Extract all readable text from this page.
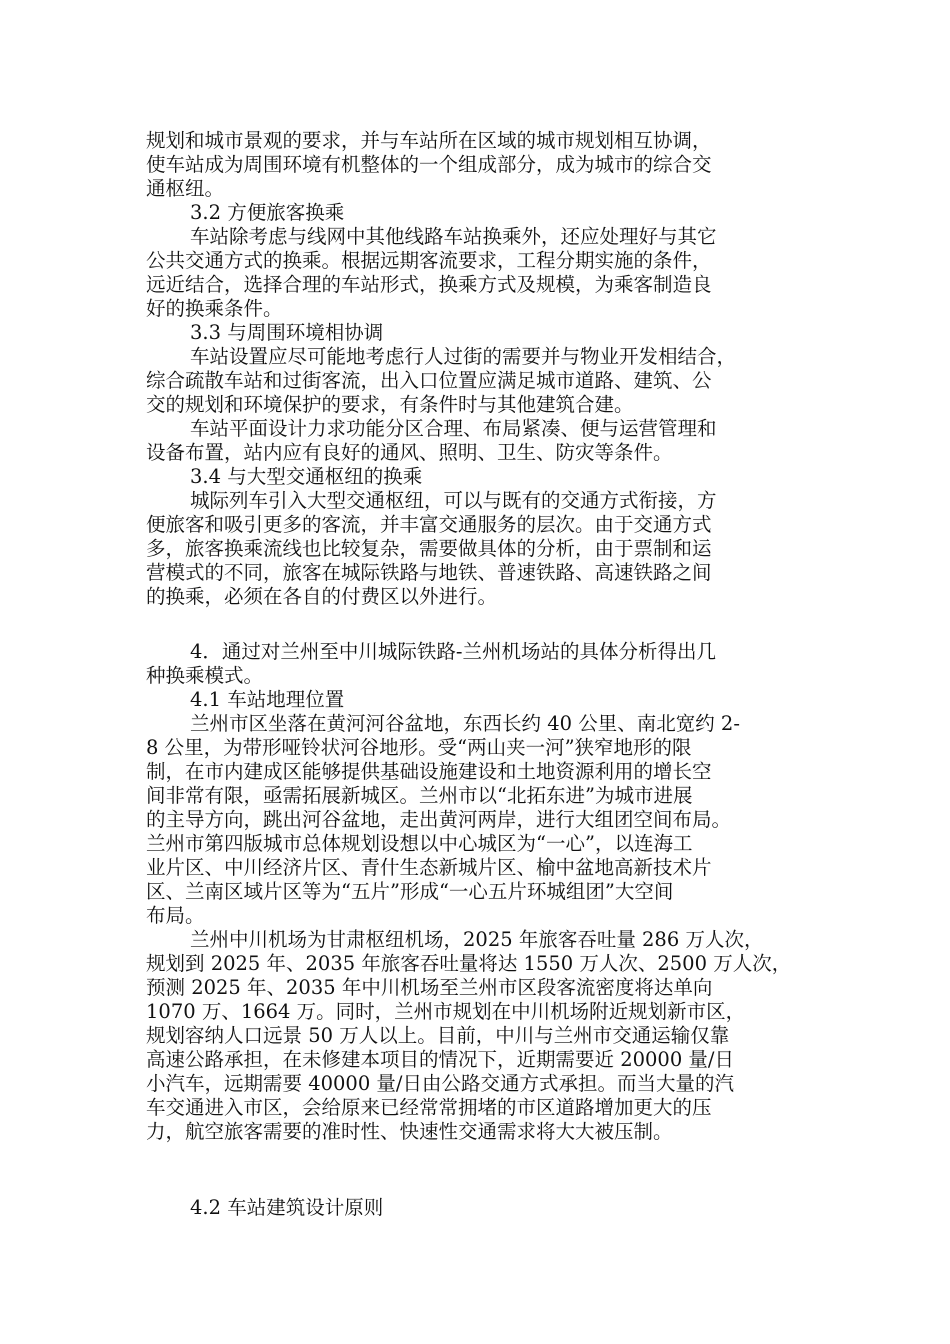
规划和城市景观的要求，并与车站所在区域的城市规划相互协调，
使车站成为周围环境有机整体的一个组成部分，成为城市的综合交
通枢纽。
3.2 方便旅客换乘
车站除考虑与线网中其他线路车站换乘外，还应处理好与其它
公共交通方式的换乘。根据远期客流要求，工程分期实施的条件，
远近结合，选择合理的车站形式，换乘方式及规模，为乘客制造良
好的换乘条件。
3.3 与周围环境相协调
车站设置应尽可能地考虑行人过街的需要并与物业开发相结合，
综合疏散车站和过街客流，出入口位置应满足城市道路、建筑、公
交的规划和环境保护的要求，有条件时与其他建筑合建。
车站平面设计力求功能分区合理、布局紧凑、便与运营管理和
设备布置，站内应有良好的通风、照明、卫生、防灾等条件。
3.4 与大型交通枢纽的换乘
城际列车引入大型交通枢纽，可以与既有的交通方式衔接，方
便旅客和吸引更多的客流，并丰富交通服务的层次。由于交通方式
多，旅客换乘流线也比较复杂，需要做具体的分析，由于票制和运
营模式的不同，旅客在城际铁路与地铁、普速铁路、高速铁路之间
的换乘，必须在各自的付费区以外进行。
4．通过对兰州至中川城际铁路-兰州机场站的具体分析得出几
种换乘模式。
4.1 车站地理位置
兰州市区坐落在黄河河谷盆地，东西长约 40 公里、南北宽约 2-
8 公里，为带形哑铃状河谷地形。受“两山夹一河”狭窄地形的限
制，在市内建成区能够提供基础设施建设和土地资源利用的增长空
间非常有限，亟需拓展新城区。兰州市以“北拓东进”为城市进展
的主导方向，跳出河谷盆地，走出黄河两岸，进行大组团空间布局。
兰州市第四版城市总体规划设想以中心城区为“一心”，以连海工
业片区、中川经济片区、青什生态新城片区、榆中盆地高新技术片
区、兰南区域片区等为“五片”形成“一心五片环城组团”大空间
布局。
兰州中川机场为甘肃枢纽机场，2025 年旅客吞吐量 286 万人次，
规划到 2025 年、2035 年旅客吞吐量将达 1550 万人次、2500 万人次，
预测 2025 年、2035 年中川机场至兰州市区段客流密度将达单向
1070 万、1664 万。同时，兰州市规划在中川机场附近规划新市区，
规划容纳人口远景 50 万人以上。目前，中川与兰州市交通运输仅靠
高速公路承担，在未修建本项目的情况下，近期需要近 20000 量/日
小汽车，远期需要 40000 量/日由公路交通方式承担。而当大量的汽
车交通进入市区，会给原来已经常常拥堵的市区道路增加更大的压
力，航空旅客需要的准时性、快速性交通需求将大大被压制。
4.2 车站建筑设计原则
